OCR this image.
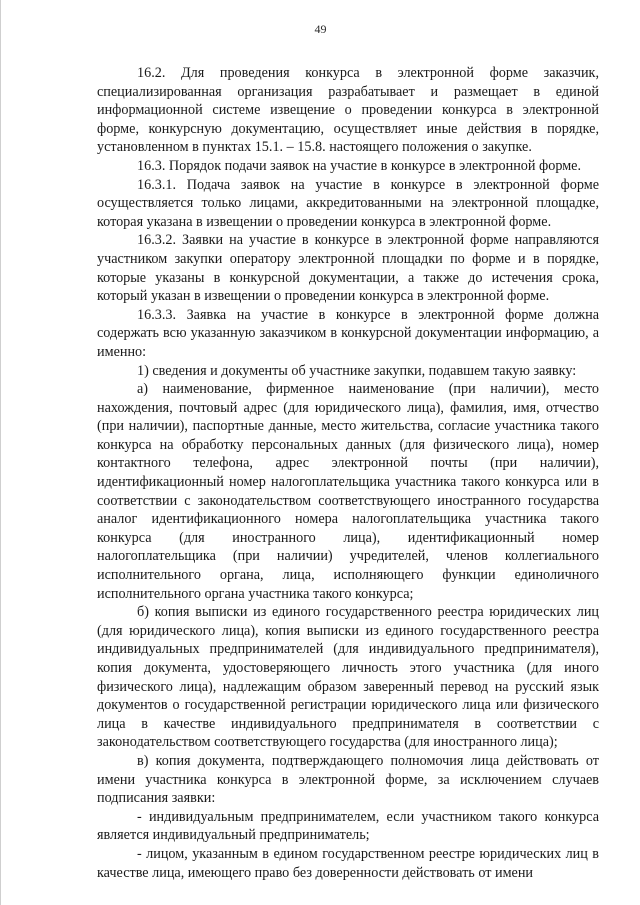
49

16.2. Для проведения конкурса в электронной форме заказчик, специализированная организация разрабатывает и размещает в единой информационной системе извещение о проведении конкурса в электронной форме, конкурсную документацию, осуществляет иные действия в порядке, установленном в пунктах 15.1. – 15.8. настоящего положения о закупке.

16.3. Порядок подачи заявок на участие в конкурсе в электронной форме.

16.3.1. Подача заявок на участие в конкурсе в электронной форме осуществляется только лицами, аккредитованными на электронной площадке, которая указана в извещении о проведении конкурса в электронной форме.

16.3.2. Заявки на участие в конкурсе в электронной форме направляются участником закупки оператору электронной площадки по форме и в порядке, которые указаны в конкурсной документации, а также до истечения срока, который указан в извещении о проведении конкурса в электронной форме.

16.3.3. Заявка на участие в конкурсе в электронной форме должна содержать всю указанную заказчиком в конкурсной документации информацию, а именно:

1) сведения и документы об участнике закупки, подавшем такую заявку:

а) наименование, фирменное наименование (при наличии), место нахождения, почтовый адрес (для юридического лица), фамилия, имя, отчество (при наличии), паспортные данные, место жительства, согласие участника такого конкурса на обработку персональных данных (для физического лица), номер контактного телефона, адрес электронной почты (при наличии), идентификационный номер налогоплательщика участника такого конкурса или в соответствии с законодательством соответствующего иностранного государства аналог идентификационного номера налогоплательщика участника такого конкурса (для иностранного лица), идентификационный номер налогоплательщика (при наличии) учредителей, членов коллегиального исполнительного органа, лица, исполняющего функции единоличного исполнительного органа участника такого конкурса;

б) копия выписки из единого государственного реестра юридических лиц (для юридического лица), копия выписки из единого государственного реестра индивидуальных предпринимателей (для индивидуального предпринимателя), копия документа, удостоверяющего личность этого участника (для иного физического лица), надлежащим образом заверенный перевод на русский язык документов о государственной регистрации юридического лица или физического лица в качестве индивидуального предпринимателя в соответствии с законодательством соответствующего государства (для иностранного лица);

в) копия документа, подтверждающего полномочия лица действовать от имени участника конкурса в электронной форме, за исключением случаев подписания заявки:

- индивидуальным предпринимателем, если участником такого конкурса является индивидуальный предприниматель;

- лицом, указанным в едином государственном реестре юридических лиц в качестве лица, имеющего право без доверенности действовать от имени
